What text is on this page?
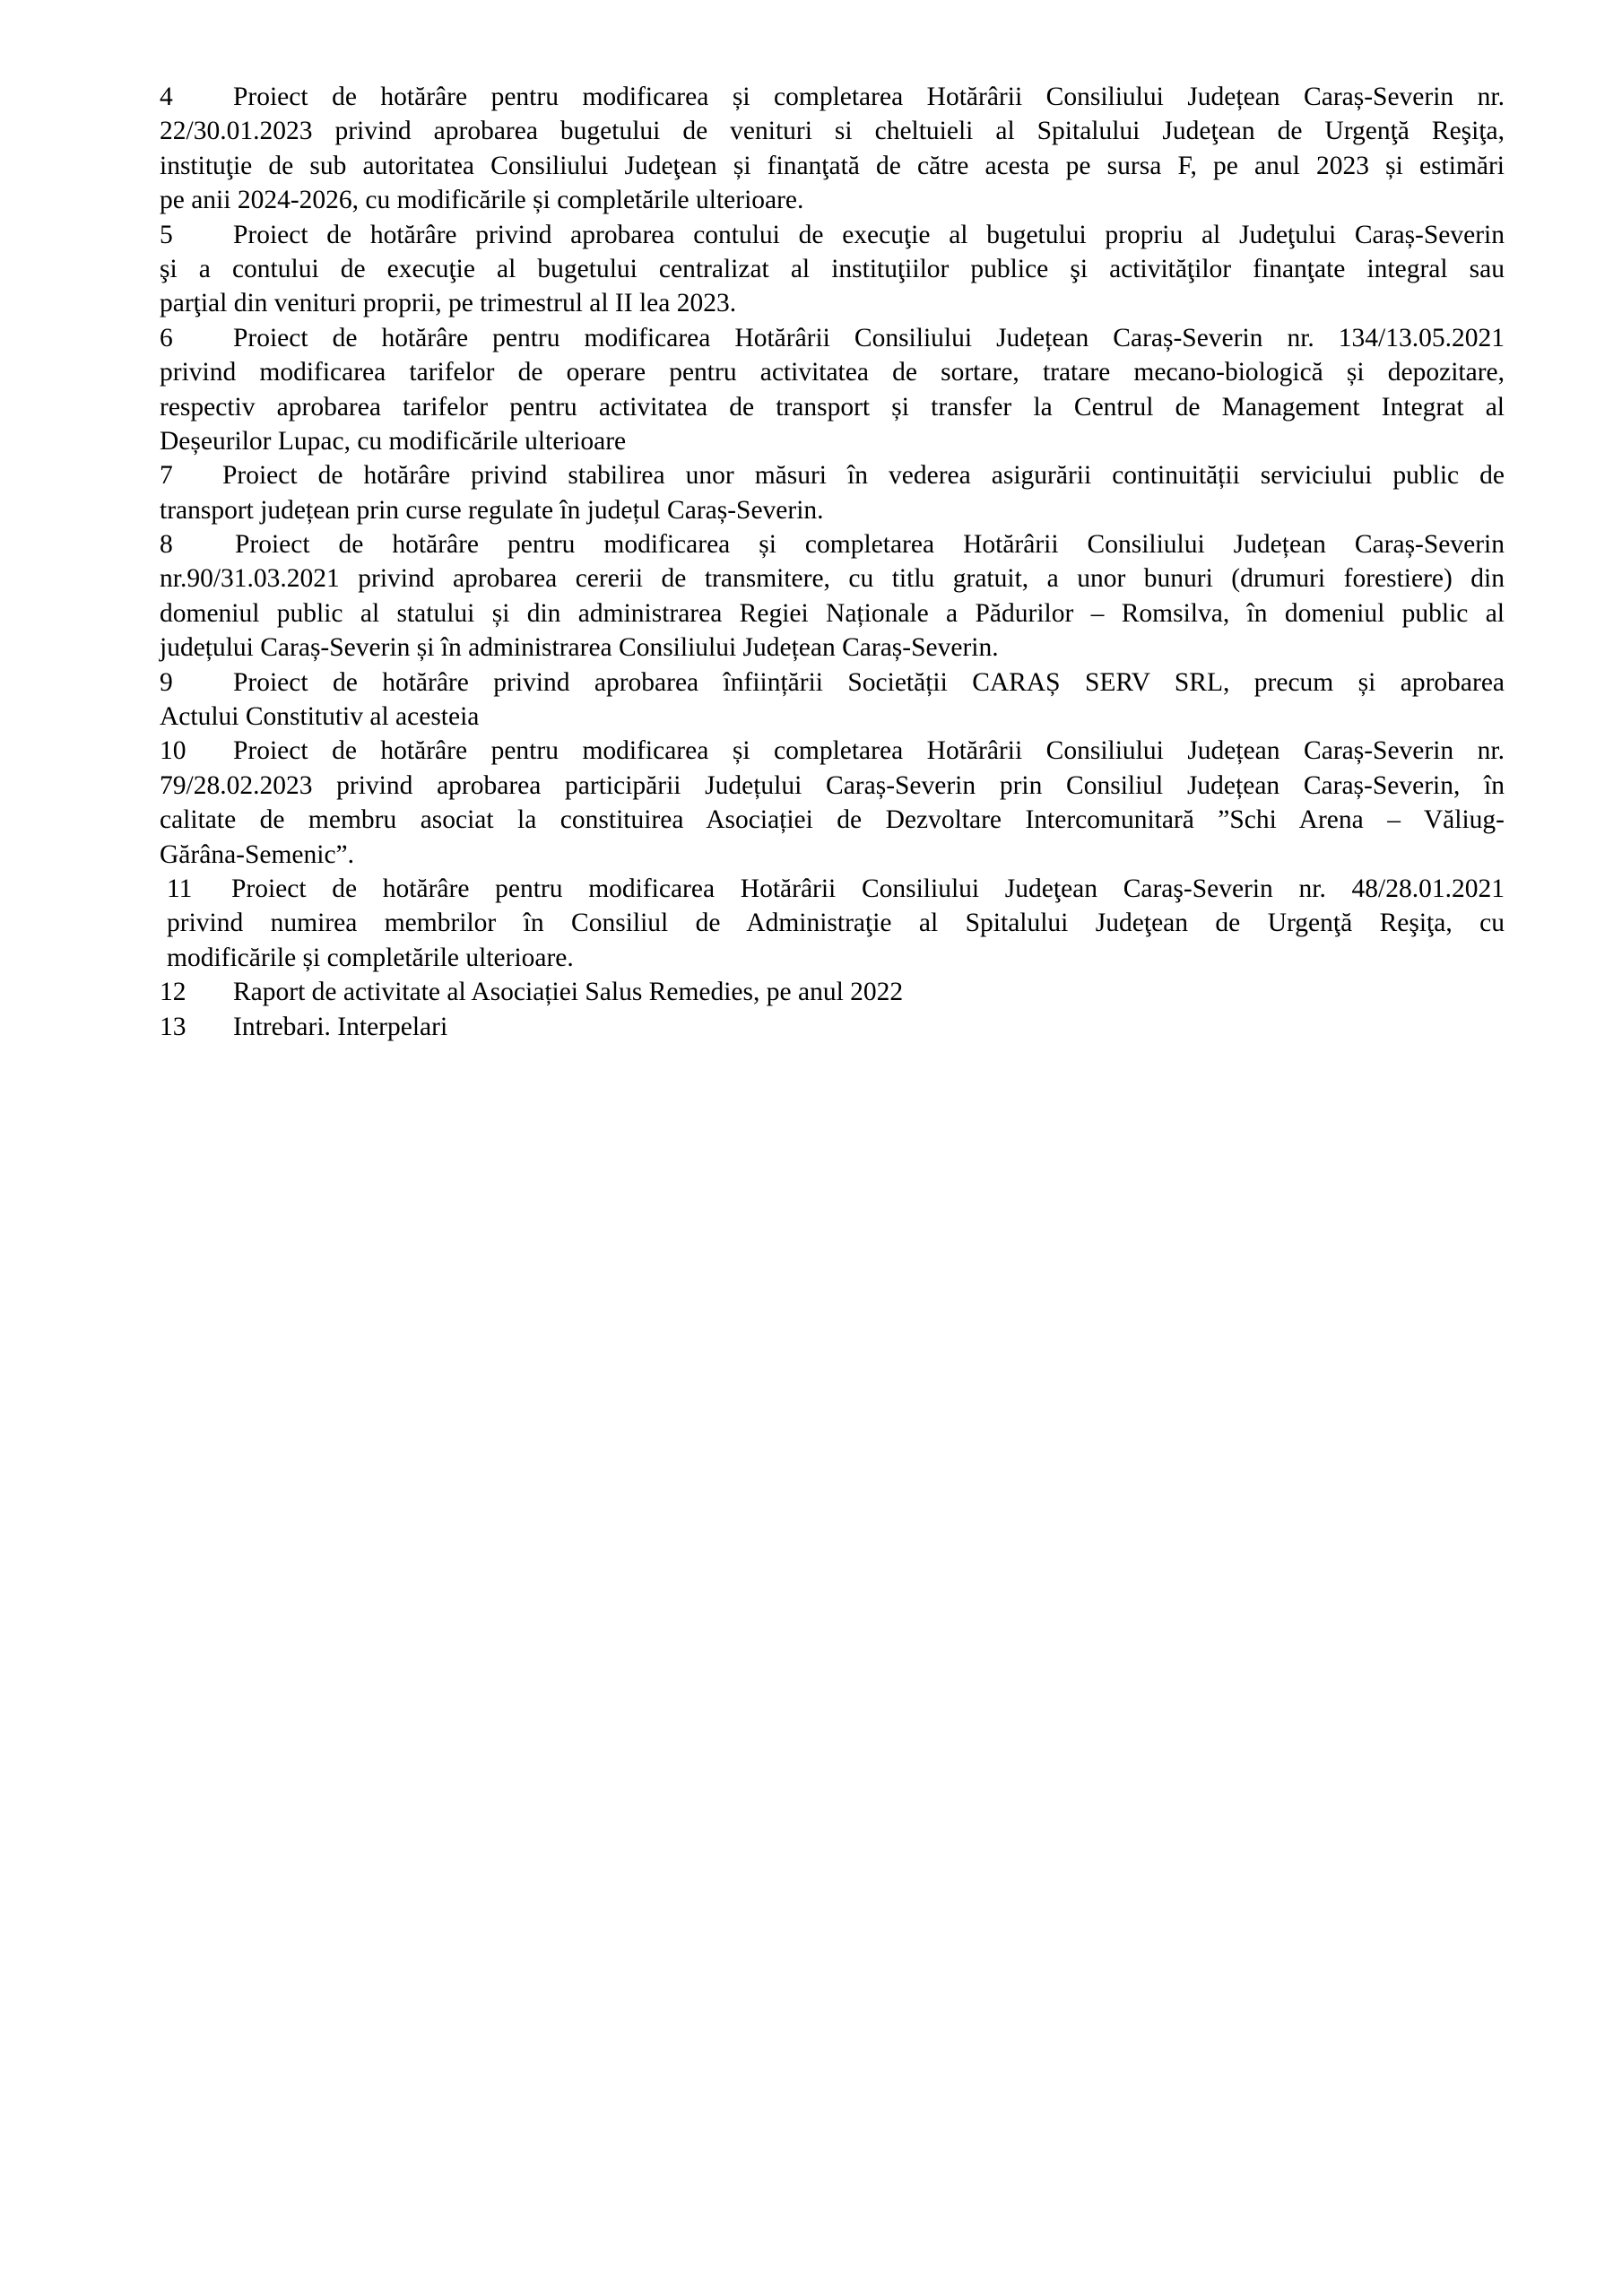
4 Proiect de hotărâre pentru modificarea și completarea Hotărârii Consiliului Județean Caraș-Severin nr.
22/30.01.2023 privind aprobarea bugetului de venituri si cheltuieli al Spitalului Judeţean de Urgenţă Reşiţa,
instituţie de sub autoritatea Consiliului Judeţean și finanţată de către acesta pe sursa F, pe anul 2023 și estimări
pe anii 2024-2026, cu modificările și completările ulterioare.
5 Proiect de hotărâre privind aprobarea contului de execuţie al bugetului propriu al Judeţului Caraș-Severin
şi a contului de execuţie al bugetului centralizat al instituţiilor publice şi activităţilor finanţate integral sau
parţial din venituri proprii, pe trimestrul al II lea 2023.
6 Proiect de hotărâre pentru modificarea Hotărârii Consiliului Județean Caraș-Severin nr. 134/13.05.2021
privind modificarea tarifelor de operare pentru activitatea de sortare, tratare mecano-biologică și depozitare,
respectiv aprobarea tarifelor pentru activitatea de transport și transfer la Centrul de Management Integrat al
Deșeurilor Lupac, cu modificările ulterioare
7 Proiect de hotărâre privind stabilirea unor măsuri în vederea asigurării continuității serviciului public de
transport județean prin curse regulate în județul Caraș-Severin.
8 Proiect de hotărâre pentru modificarea și completarea Hotărârii Consiliului Județean Caraș-Severin
nr.90/31.03.2021 privind aprobarea cererii de transmitere, cu titlu gratuit, a unor bunuri (drumuri forestiere) din
domeniul public al statului și din administrarea Regiei Naționale a Pădurilor – Romsilva, în domeniul public al
județului Caraș-Severin și în administrarea Consiliului Județean Caraș-Severin.
9 Proiect de hotărâre privind aprobarea înființării Societății CARAȘ SERV SRL, precum și aprobarea
Actului Constitutiv al acesteia
10 Proiect de hotărâre pentru modificarea și completarea Hotărârii Consiliului Județean Caraș-Severin nr.
79/28.02.2023 privind aprobarea participării Județului Caraș-Severin prin Consiliul Județean Caraș-Severin, în
calitate de membru asociat la constituirea Asociației de Dezvoltare Intercomunitară ”Schi Arena – Văliug-
Gărâna-Semenic”.
11 Proiect de hotărâre pentru modificarea Hotărârii Consiliului Judeţean Caraş-Severin nr. 48/28.01.2021
privind numirea membrilor în Consiliul de Administraţie al Spitalului Judeţean de Urgenţă Reşiţa, cu
modificările și completările ulterioare.
12 Raport de activitate al Asociației Salus Remedies, pe anul 2022
13 Intrebari. Interpelari
